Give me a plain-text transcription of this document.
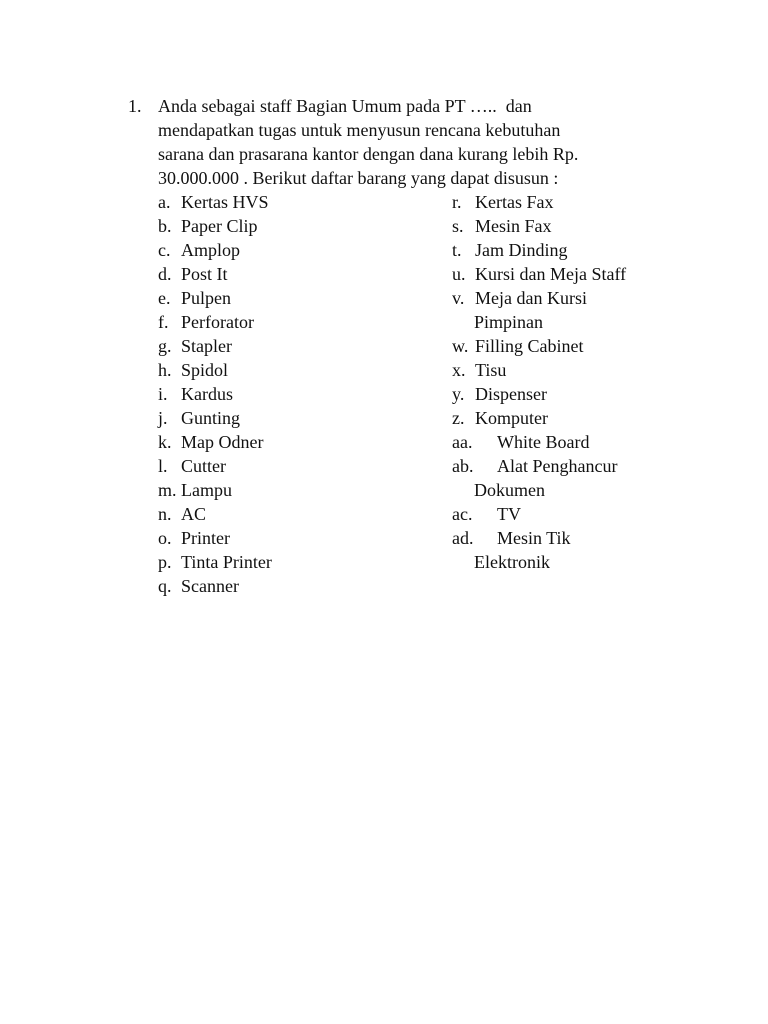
1. Anda sebagai staff Bagian Umum pada PT …..  dan
mendapatkan tugas untuk menyusun rencana kebutuhan
sarana dan prasarana kantor dengan dana kurang lebih Rp.
30.000.000 . Berikut daftar barang yang dapat disusun :
a. Kertas HVS
b. Paper Clip
c. Amplop
d. Post It
e. Pulpen
f. Perforator
g. Stapler
h. Spidol
i. Kardus
j. Gunting
k. Map Odner
l. Cutter
m. Lampu
n. AC
o. Printer
p. Tinta Printer
q. Scanner
r. Kertas Fax
s. Mesin Fax
t. Jam Dinding
u. Kursi dan Meja Staff
v. Meja dan Kursi
Pimpinan
w. Filling Cabinet
x. Tisu
y. Dispenser
z. Komputer
aa. White Board
ab. Alat Penghancur
Dokumen
ac. TV
ad. Mesin Tik
Elektronik
